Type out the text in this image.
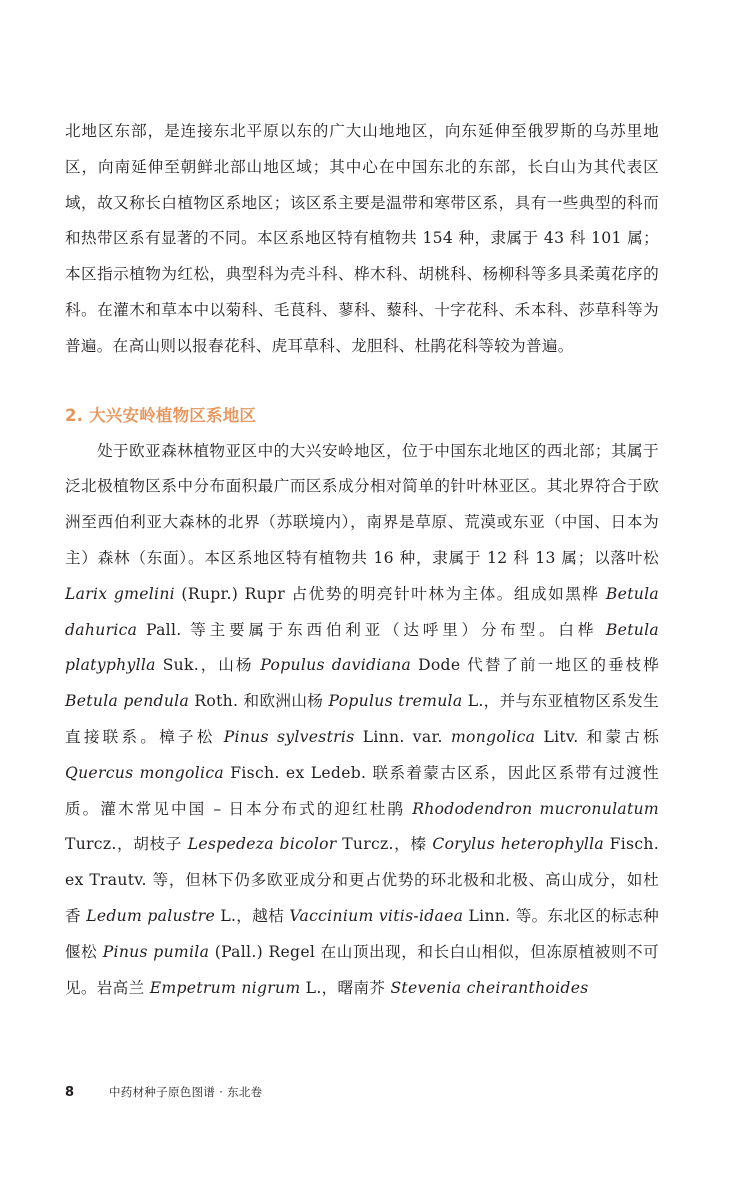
北地区东部，是连接东北平原以东的广大山地地区，向东延伸至俄罗斯的乌苏里地区，向南延伸至朝鲜北部山地区域；其中心在中国东北的东部，长白山为其代表区域，故又称长白植物区系地区；该区系主要是温带和寒带区系，具有一些典型的科而和热带区系有显著的不同。本区系地区特有植物共 154 种，隶属于 43 科 101 属；本区指示植物为红松，典型科为壳斗科、桦木科、胡桃科、杨柳科等多具柔荑花序的科。在灌木和草本中以菊科、毛茛科、蓼科、藜科、十字花科、禾本科、莎草科等为普遍。在高山则以报春花科、虎耳草科、龙胆科、杜鹃花科等较为普遍。

2. 大兴安岭植物区系地区

处于欧亚森林植物亚区中的大兴安岭地区，位于中国东北地区的西北部；其属于泛北极植物区系中分布面积最广而区系成分相对简单的针叶林亚区。其北界符合于欧洲至西伯利亚大森林的北界（苏联境内），南界是草原、荒漠或东亚（中国、日本为主）森林（东面）。本区系地区特有植物共 16 种，隶属于 12 科 13 属；以落叶松 Larix gmelini (Rupr.) Rupr 占优势的明亮针叶林为主体。组成如黑桦 Betula dahurica Pall. 等主要属于东西伯利亚（达呼里）分布型。白桦 Betula platyphylla Suk.，山杨 Populus davidiana Dode 代替了前一地区的垂枝桦 Betula pendula Roth. 和欧洲山杨 Populus tremula L.，并与东亚植物区系发生直接联系。樟子松 Pinus sylvestris Linn. var. mongolica Litv. 和蒙古栎 Quercus mongolica Fisch. ex Ledeb. 联系着蒙古区系，因此区系带有过渡性质。灌木常见中国 – 日本分布式的迎红杜鹃 Rhododendron mucronulatum Turcz.，胡枝子 Lespedeza bicolor Turcz.，榛 Corylus heterophylla Fisch. ex Trautv. 等，但林下仍多欧亚成分和更占优势的环北极和北极、高山成分，如杜香 Ledum palustre L.，越桔 Vaccinium vitis-idaea Linn. 等。东北区的标志种偃松 Pinus pumila (Pall.) Regel 在山顶出现，和长白山相似，但冻原植被则不可见。岩高兰 Empetrum nigrum L.，曙南芥 Stevenia cheiranthoides

8	中药材种子原色图谱 · 东北卷
